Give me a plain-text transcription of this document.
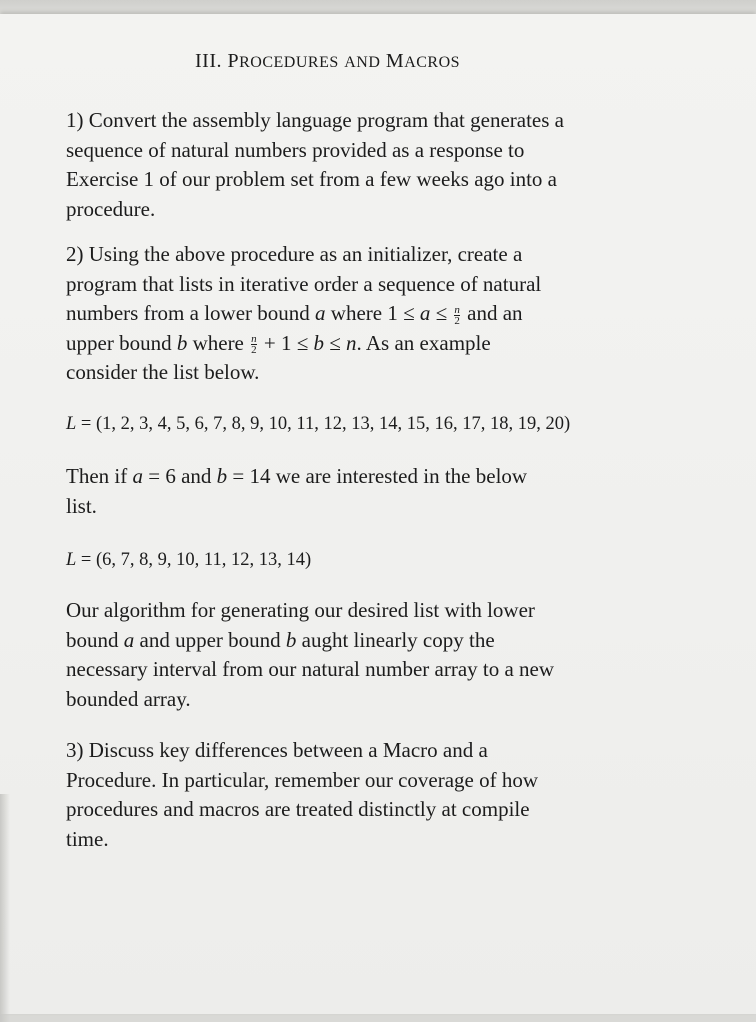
III. PROCEDURES AND MACROS
1) Convert the assembly language program that generates a
sequence of natural numbers provided as a response to
Exercise 1 of our problem set from a few weeks ago into a
procedure.
2) Using the above procedure as an initializer, create a
program that lists in iterative order a sequence of natural
numbers from a lower bound a where $1 \le a \le \frac{n}{2}$ and an
upper bound b where $\frac{n}{2} + 1 \le b \le n$. As an example
consider the list below.
L = (1, 2, 3, 4, 5, 6, 7, 8, 9, 10, 11, 12, 13, 14, 15, 16, 17, 18, 19, 20)
Then if a = 6 and b = 14 we are interested in the below
list.
L = (6, 7, 8, 9, 10, 11, 12, 13, 14)
Our algorithm for generating our desired list with lower
bound a and upper bound b aught linearly copy the
necessary interval from our natural number array to a new
bounded array.
3) Discuss key differences between a Macro and a
Procedure. In particular, remember our coverage of how
procedures and macros are treated distinctly at compile
time.
